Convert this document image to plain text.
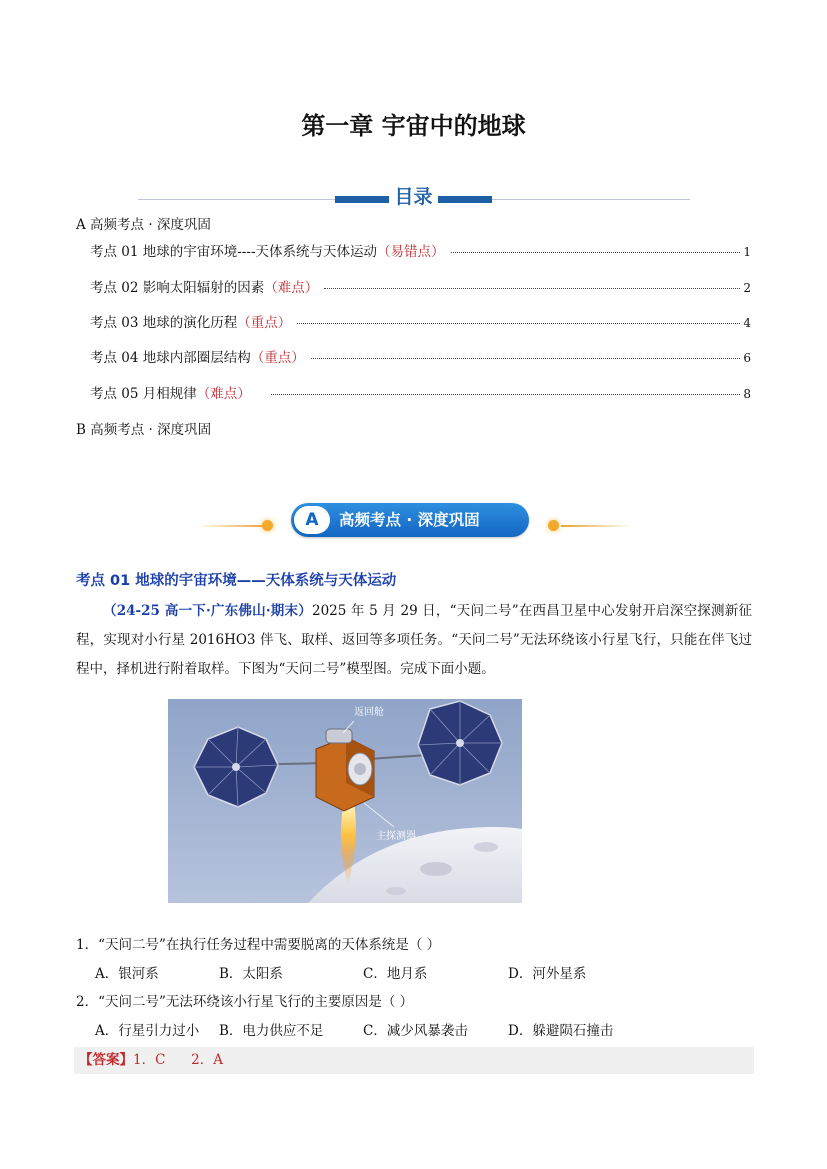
第一章 宇宙中的地球
目录
A 高频考点 · 深度巩固
考点 01 地球的宇宙环境----天体系统与天体运动 （易错点）	1
考点 02 影响太阳辐射的因素 （难点）	2
考点 03 地球的演化历程 （重点）	4
考点 04 地球内部圈层结构 （重点）	6
考点 05 月相规律 （难点）	8
B 高频考点 · 深度巩固
A	高频考点 · 深度巩固
考点 01 地球的宇宙环境——天体系统与天体运动
（24-25 高一下·广东佛山·期末）2025 年 5 月 29 日，“天问二号”在西昌卫星中心发射开启深空探测新征程，实现对小行星 2016HO3 伴飞、取样、返回等多项任务。“天问二号”无法环绕该小行星飞行，只能在伴飞过程中，择机进行附着取样。下图为“天问二号”模型图。完成下面小题。
返回舱
主探测器
1．“天问二号”在执行任务过程中需要脱离的天体系统是（ ）
A．银河系	B．太阳系	C．地月系	D．河外星系
2．“天问二号”无法环绕该小行星飞行的主要原因是（ ）
A．行星引力过小 B．电力供应不足	C．减少风暴袭击	D．躲避陨石撞击
【答案】1．C      2．A
